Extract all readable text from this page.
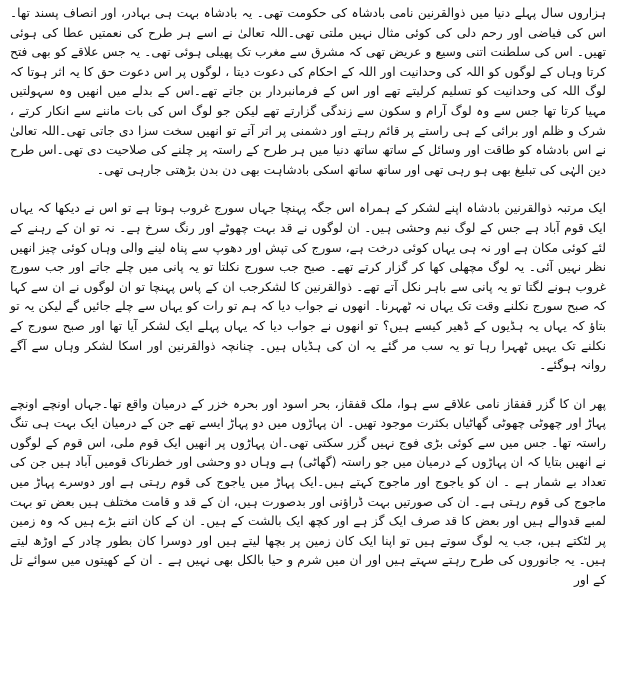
ہزاروں سال پہلے دنیا میں ذوالقرنین نامی بادشاہ کی حکومت تھی۔ یہ بادشاہ بہت ہی بہادر، اور انصاف پسند تھا۔اس کی فیاضی اور رحم دلی کی کوئی مثال نہیں ملتی تھی۔اللہ تعالیٰ نے اسے ہر طرح کی نعمتیں عطا کی ہوئی تھیں۔ اس کی سلطنت اتنی وسیع و عریض تھی کہ مشرق سے مغرب تک پھیلی ہوئی تھی۔ یہ جس علاقے کو بھی فتح کرتا وہاں کے لوگوں کو اللہ کی وحدانیت اور اللہ کے احکام کی دعوت دیتا ، لوگوں پر اس دعوت حق کا یہ اثر ہوتا کہ لوگ اللہ کی وحدانیت کو تسلیم کرلیتے تھے اور اس کے فرمانبردار بن جاتے تھے۔اس کے بدلے میں انھیں وہ سہولتیں مہیا کرتا تھا جس سے وہ لوگ آرام و سکون سے زندگی گزارتے تھے لیکن جو لوگ اس کی بات ماننے سے انکار کرتے ، شرک و ظلم اور برائی کے ہی راستے پر قائم رہتے اور دشمنی پر اتر آتے تو انھیں سخت سزا دی جاتی تھی۔اللہ تعالیٰ نے اس بادشاہ کو طاقت اور وسائل کے ساتھ ساتھ دنیا میں ہر طرح کے راستہ پر چلنے کی صلاحیت دی تھی۔اس طرح دین الہٰی کی تبلیغ بھی ہو رہی تھی اور ساتھ ساتھ اسکی بادشاہت بھی دن بدن بڑھتی جارہی تھی۔

ایک مرتبہ ذوالقرنین بادشاہ اپنے لشکر کے ہمراہ اس جگہ پہنچا جہاں سورج غروب ہوتا ہے تو اس نے دیکھا کہ یہاں ایک قوم آباد ہے جس کے لوگ نیم وحشی ہیں۔ ان لوگوں نے قد بہت چھوٹے اور رنگ سرخ ہے۔ نہ تو ان کے رہنے کے لئے کوئی مکان ہے اور نہ ہی یہاں کوئی درخت ہے، سورج کی تپش اور دھوپ سے پناہ لینے والی وہاں کوئی چیز انھیں نظر نہیں آئی۔ یہ لوگ مچھلی کھا کر گزار کرتے تھے۔ صبح جب سورج نکلتا تو یہ پانی میں چلے جاتے اور جب سورج غروب ہونے لگتا تو یہ پانی سے باہر نکل آتے تھے۔ ذوالقرنین کا لشکرجب ان کے پاس پہنچا تو ان لوگوں نے ان سے کہا کہ صبح سورج نکلنے وقت تک یہاں نہ ٹھہرنا۔ انھوں نے جواب دیا کہ ہم تو رات کو یہاں سے چلے جائیں گے لیکن یہ تو بتاؤ کہ یہاں یہ ہڈیوں کے ڈھیر کیسے ہیں؟ تو انھوں نے جواب دیا کہ یہاں پہلے ایک لشکر آیا تھا اور صبح سورج کے نکلنے تک یہیں ٹھہرا رہا تو یہ سب مر گئے یہ ان کی ہڈیاں ہیں۔ چنانچہ ذوالقرنین اور اسکا لشکر وہاں سے آگے روانہ ہوگئے۔

پھر ان کا گزر قفقاز نامی علاقے سے ہوا، ملک قفقاز، بحر اسود اور بحرہ خزر کے درمیان واقع تھا۔جہاں اونچے اونچے پہاڑ اور چھوٹی چھوٹی گھاٹیاں بکثرت موجود تھیں۔ ان پہاڑوں میں دو پہاڑ ایسے تھے جن کے درمیان ایک بہت ہی تنگ راستہ تھا۔ جس میں سے کوئی بڑی فوج نہیں گزر سکتی تھی۔ان پہاڑوں پر انھیں ایک قوم ملی، اس قوم کے لوگوں نے انھیں بتایا کہ ان پہاڑوں کے درمیان میں جو راستہ (گھاٹی) ہے وہاں دو وحشی اور خطرناک قومیں آباد ہیں جن کی تعداد بے شمار ہے ۔ ان کو یاجوج اور ماجوج کہتے ہیں۔ایک پہاڑ میں یاجوج کی قوم رہتی ہے اور دوسرے پہاڑ میں ماجوج کی قوم رہتی ہے۔ ان کی صورتیں بہت ڈراؤنی اور بدصورت ہیں، ان کے قد و قامت مختلف ہیں بعض تو بہت لمبے قدوالے ہیں اور بعض کا قد صرف ایک گز ہے اور کچھ ایک بالشت کے ہیں۔ ان کے کان اتنے بڑے ہیں کہ وہ زمین پر لٹکتے ہیں، جب یہ لوگ سوتے ہیں تو اپنا ایک کان زمین پر بچھا لیتے ہیں اور دوسرا کان بطور چادر کے اوڑھ لیتے ہیں۔ یہ جانوروں کی طرح رہتے سہتے ہیں اور ان میں شرم و حیا بالکل بھی نہیں ہے ۔ ان کے کھیتوں میں سوائے تل کے اور
